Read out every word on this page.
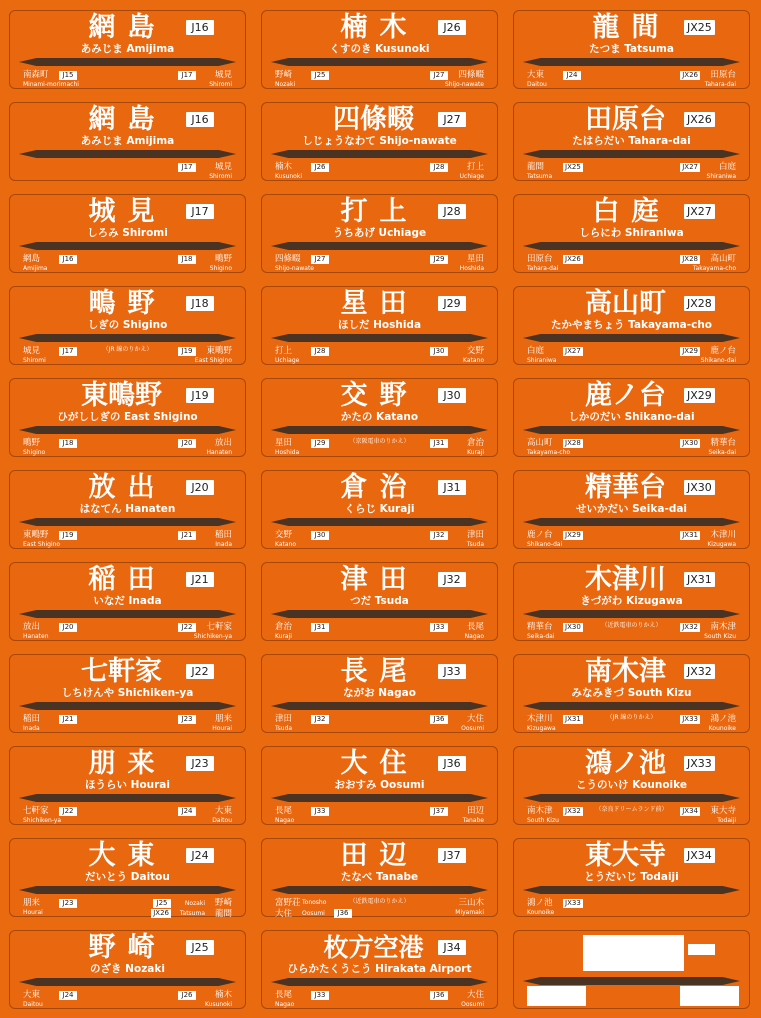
網島	J16
あみじま Amijima
南森町
Minami-morimachi
J15	城見
Shiromi
J17
網島	J16
あみじま Amijima
城見
Shiromi
J17
城見	J17
しろみ Shiromi
網島
Amijima
J16	鴫野
Shigino
J18
鴫野	J18
しぎの Shigino
（JR 線のりかえ）
城見
Shiromi
J17	東鴫野
East Shigino
J19
東鴫野	J19
ひがししぎの East Shigino
鴫野
Shigino
J18	放出
Hanaten
J20
放出	J20
はなてん Hanaten
東鴫野
East Shigino
J19	稲田
Inada
J21
稲田	J21
いなだ Inada
放出
Hanaten
J20	七軒家
Shichiken-ya
J22
七軒家	J22
しちけんや Shichiken-ya
稲田
Inada
J21	朋来
Hourai
J23
朋来	J23
ほうらい Hourai
七軒家
Shichiken-ya
J22	大東
Daitou
J24
大東	J24
だいとう Daitou
朋来
Hourai
J23	野崎
Nozaki
J25
龍間
Tatsuma
JX26
野崎	J25
のざき Nozaki
大東
Daitou
J24	楠木
Kusunoki
J26
楠木	J26
くすのき Kusunoki
野崎
Nozaki
J25	四條畷
Shijo-nawate
J27
四條畷	J27
しじょうなわて Shijo-nawate
楠木
Kusunoki
J26	打上
Uchiage
J28
打上	J28
うちあげ Uchiage
四條畷
Shijo-nawate
J27	星田
Hoshida
J29
星田	J29
ほしだ Hoshida
打上
Uchiage
J28	交野
Katano
J30
交野	J30
かたの Katano
（京阪電車のりかえ）
星田
Hoshida
J29	倉治
Kuraji
J31
倉治	J31
くらじ Kuraji
交野
Katano
J30	津田
Tsuda
J32
津田	J32
つだ Tsuda
倉治
Kuraji
J31	長尾
Nagao
J33
長尾	J33
ながお Nagao
津田
Tsuda
J32	大住
Oosumi
J36
大住	J36
おおすみ Oosumi
長尾
Nagao
J33	田辺
Tanabe
J37
田辺	J37
たなべ Tanabe
（近鉄電車のりかえ）
富野荘 Tonosho	三山木
Miyamaki
大住 Oosumi	J36
枚方空港	J34
ひらかたくうこう Hirakata Airport
長尾
Nagao
J33	大住
Oosumi
J36
龍間	JX25
たつま Tatsuma
大東
Daitou
J24	田原台
Tahara-dai
JX26
田原台	JX26
たはらだい Tahara-dai
龍間
Tatsuma
JX25	白庭
Shiraniwa
JX27
白庭	JX27
しらにわ Shiraniwa
田原台
Tahara-dai
JX26	高山町
Takayama-cho
JX28
高山町	JX28
たかやまちょう Takayama-cho
白庭
Shiraniwa
JX27	鹿ノ台
Shikano-dai
JX29
鹿ノ台	JX29
しかのだい Shikano-dai
高山町
Takayama-cho
JX28	精華台
Seika-dai
JX30
精華台	JX30
せいかだい Seika-dai
鹿ノ台
Shikano-dai
JX29	木津川
Kizugawa
JX31
木津川	JX31
きづがわ Kizugawa
（近鉄電車のりかえ）
精華台
Seika-dai
JX30	南木津
South Kizu
JX32
南木津	JX32
みなみきづ South Kizu
（JR 線のりかえ）
木津川
Kizugawa
JX31	鴻ノ池
Kounoike
JX33
鴻ノ池	JX33
こうのいけ Kounoike
（奈良ドリームランド前）
南木津
South Kizu
JX32	東大寺
Todaiji
JX34
東大寺	JX34
とうだいじ Todaiji
鴻ノ池
Kounoike
JX33
